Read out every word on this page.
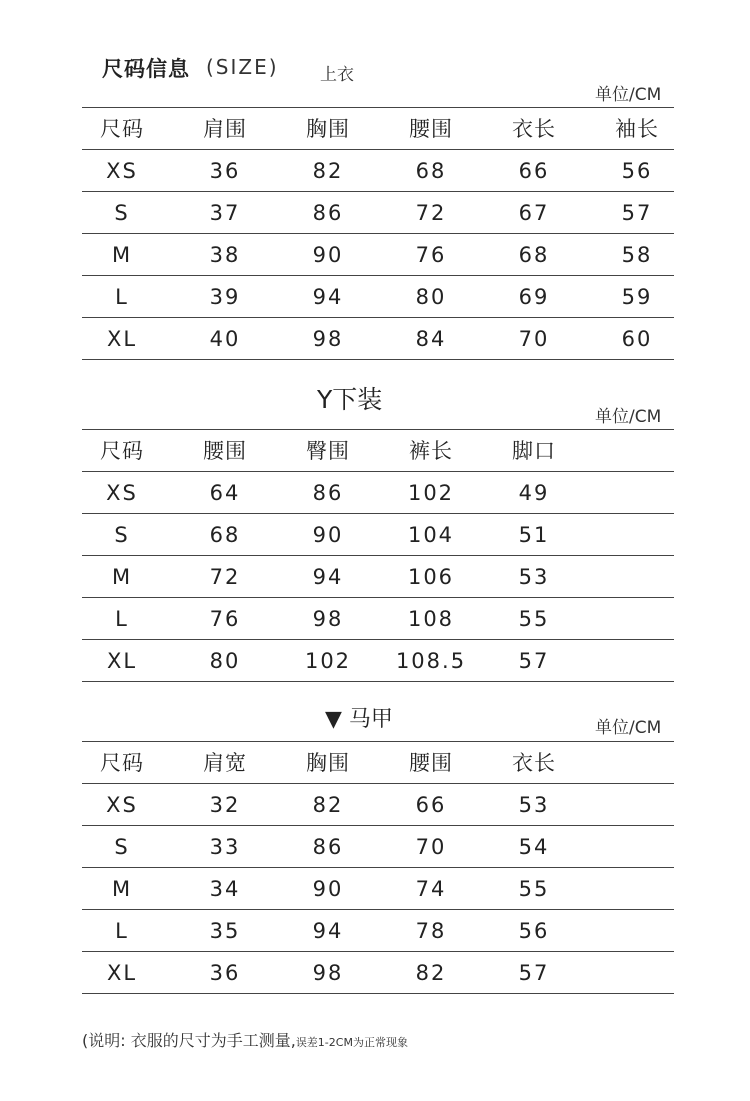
尺码信息 (SIZE) 上衣
单位/CM
尺码	肩围	胸围	腰围	衣长	袖长
XS	36	82	68	66	56
S	37	86	72	67	57
M	38	90	76	68	58
L	39	94	80	69	59
XL	40	98	84	70	60
Y下装
单位/CM
尺码	腰围	臀围	裤长	脚口
XS	64	86	102	49
S	68	90	104	51
M	72	94	106	53
L	76	98	108	55
XL	80	102	108.5	57
▼ 马甲	单位/CM
尺码	肩宽	胸围	腰围	衣长
XS	32	82	66	53
S	33	86	70	54
M	34	90	74	55
L	35	94	78	56
XL	36	98	82	57
(说明: 衣服的尺寸为手工测量,误差1-2CM为正常现象
